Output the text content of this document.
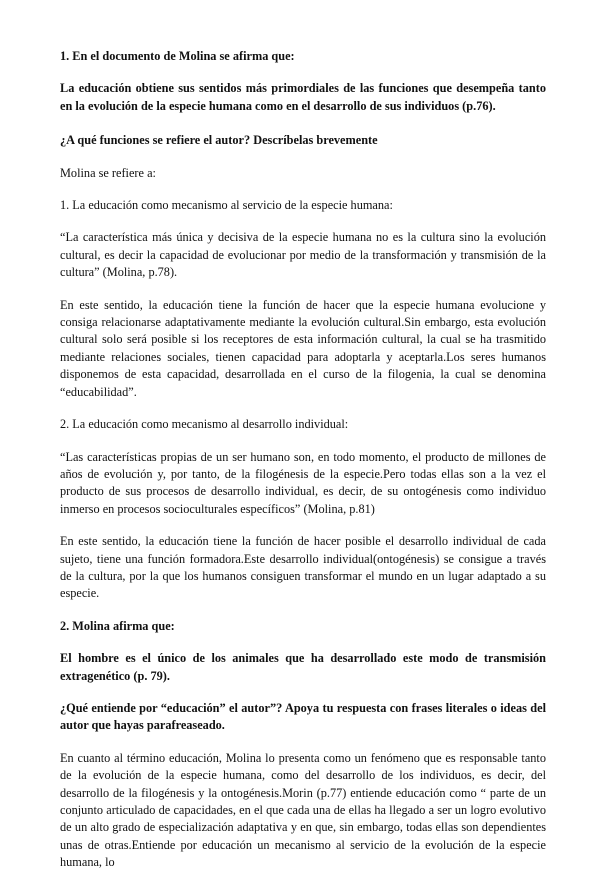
1. En el documento de Molina se afirma que:

La educación obtiene sus sentidos más primordiales de las funciones que desempeña tanto en la evolución de la especie humana como en el desarrollo de sus individuos (p.76).

¿A qué funciones se refiere el autor? Descríbelas brevemente

Molina se refiere a:

1. La educación como mecanismo al servicio de la especie humana:

“La característica más única y decisiva de la especie humana no es la cultura sino la evolución cultural, es decir la capacidad de evolucionar por medio de la transformación y transmisión de la cultura” (Molina, p.78).

En este sentido, la educación tiene la función de hacer que la especie humana evolucione y consiga relacionarse adaptativamente mediante la evolución cultural.Sin embargo, esta evolución cultural solo será posible si los receptores de esta información cultural, la cual se ha trasmitido mediante relaciones sociales, tienen capacidad para adoptarla y aceptarla.Los seres humanos disponemos de esta capacidad, desarrollada en el curso de la filogenia, la cual se denomina “educabilidad”.

2. La educación como mecanismo al desarrollo individual:

“Las características propias de un ser humano son, en todo momento, el producto de millones de años de evolución y, por tanto, de la filogénesis de la especie.Pero todas ellas son a la vez el producto de sus procesos de desarrollo individual, es decir, de su ontogénesis como individuo inmerso en procesos socioculturales específicos” (Molina, p.81)

En este sentido, la educación tiene la función de hacer posible el desarrollo individual de cada sujeto, tiene una función formadora.Este desarrollo individual(ontogénesis) se consigue a través de la cultura, por la que los humanos consiguen transformar el mundo en un lugar adaptado a su especie.

2. Molina afirma que:

El hombre es el único de los animales que ha desarrollado este modo de transmisión extragenético (p. 79).

¿Qué entiende por “educación” el autor”? Apoya tu respuesta con frases literales o ideas del autor que hayas parafreaseado.

En cuanto al término educación, Molina lo presenta como un fenómeno que es responsable tanto de la evolución de la especie humana, como del desarrollo de los individuos, es decir, del desarrollo de la filogénesis y la ontogénesis.Morin (p.77) entiende educación como “ parte de un conjunto articulado de capacidades, en el que cada una de ellas ha llegado a ser un logro evolutivo de un alto grado de especialización adaptativa y en que, sin embargo, todas ellas son dependientes unas de otras.Entiende por educación un mecanismo al servicio de la evolución de la especie humana, lo
